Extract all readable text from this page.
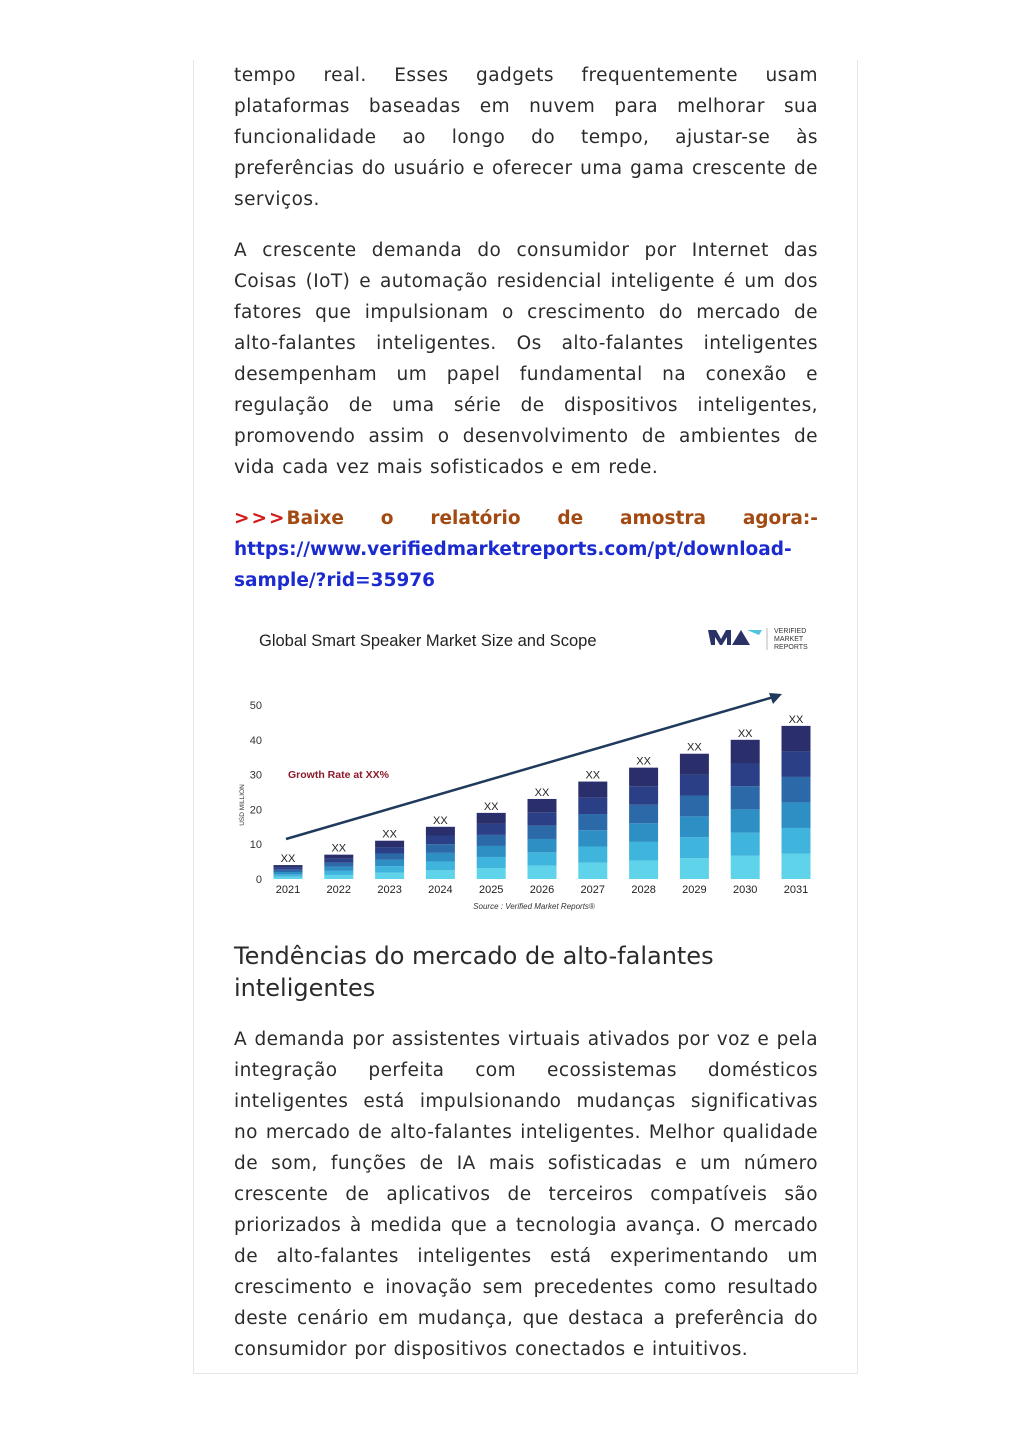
tempo real. Esses gadgets frequentemente usam plataformas baseadas em nuvem para melhorar sua funcionalidade ao longo do tempo, ajustar-se às preferências do usuário e oferecer uma gama crescente de serviços.

A crescente demanda do consumidor por Internet das Coisas (IoT) e automação residencial inteligente é um dos fatores que impulsionam o crescimento do mercado de alto-falantes inteligentes. Os alto-falantes inteligentes desempenham um papel fundamental na conexão e regulação de uma série de dispositivos inteligentes, promovendo assim o desenvolvimento de ambientes de vida cada vez mais sofisticados e em rede.

>>>Baixe o relatório de amostra agora:-
https://www.verifiedmarketreports.com/pt/download-
sample/?rid=35976
Global Smart Speaker Market Size and Scope
VERIFIED
MARKET
REPORTS
USD MILLION
0
10
20
30
40
50
2021 2022 2023 2024 2025 2026 2027 2028 2029 2030 2031
XX
XX
XX
XX
XX
XX
XX
XX
XX
XX
XX
Growth Rate at XX%
Source : Verified Market Reports®
Tendências do mercado de alto-falantes inteligentes

A demanda por assistentes virtuais ativados por voz e pela integração perfeita com ecossistemas domésticos inteligentes está impulsionando mudanças significativas no mercado de alto-falantes inteligentes. Melhor qualidade de som, funções de IA mais sofisticadas e um número crescente de aplicativos de terceiros compatíveis são priorizados à medida que a tecnologia avança. O mercado de alto-falantes inteligentes está experimentando um crescimento e inovação sem precedentes como resultado deste cenário em mudança, que destaca a preferência do consumidor por dispositivos conectados e intuitivos.
